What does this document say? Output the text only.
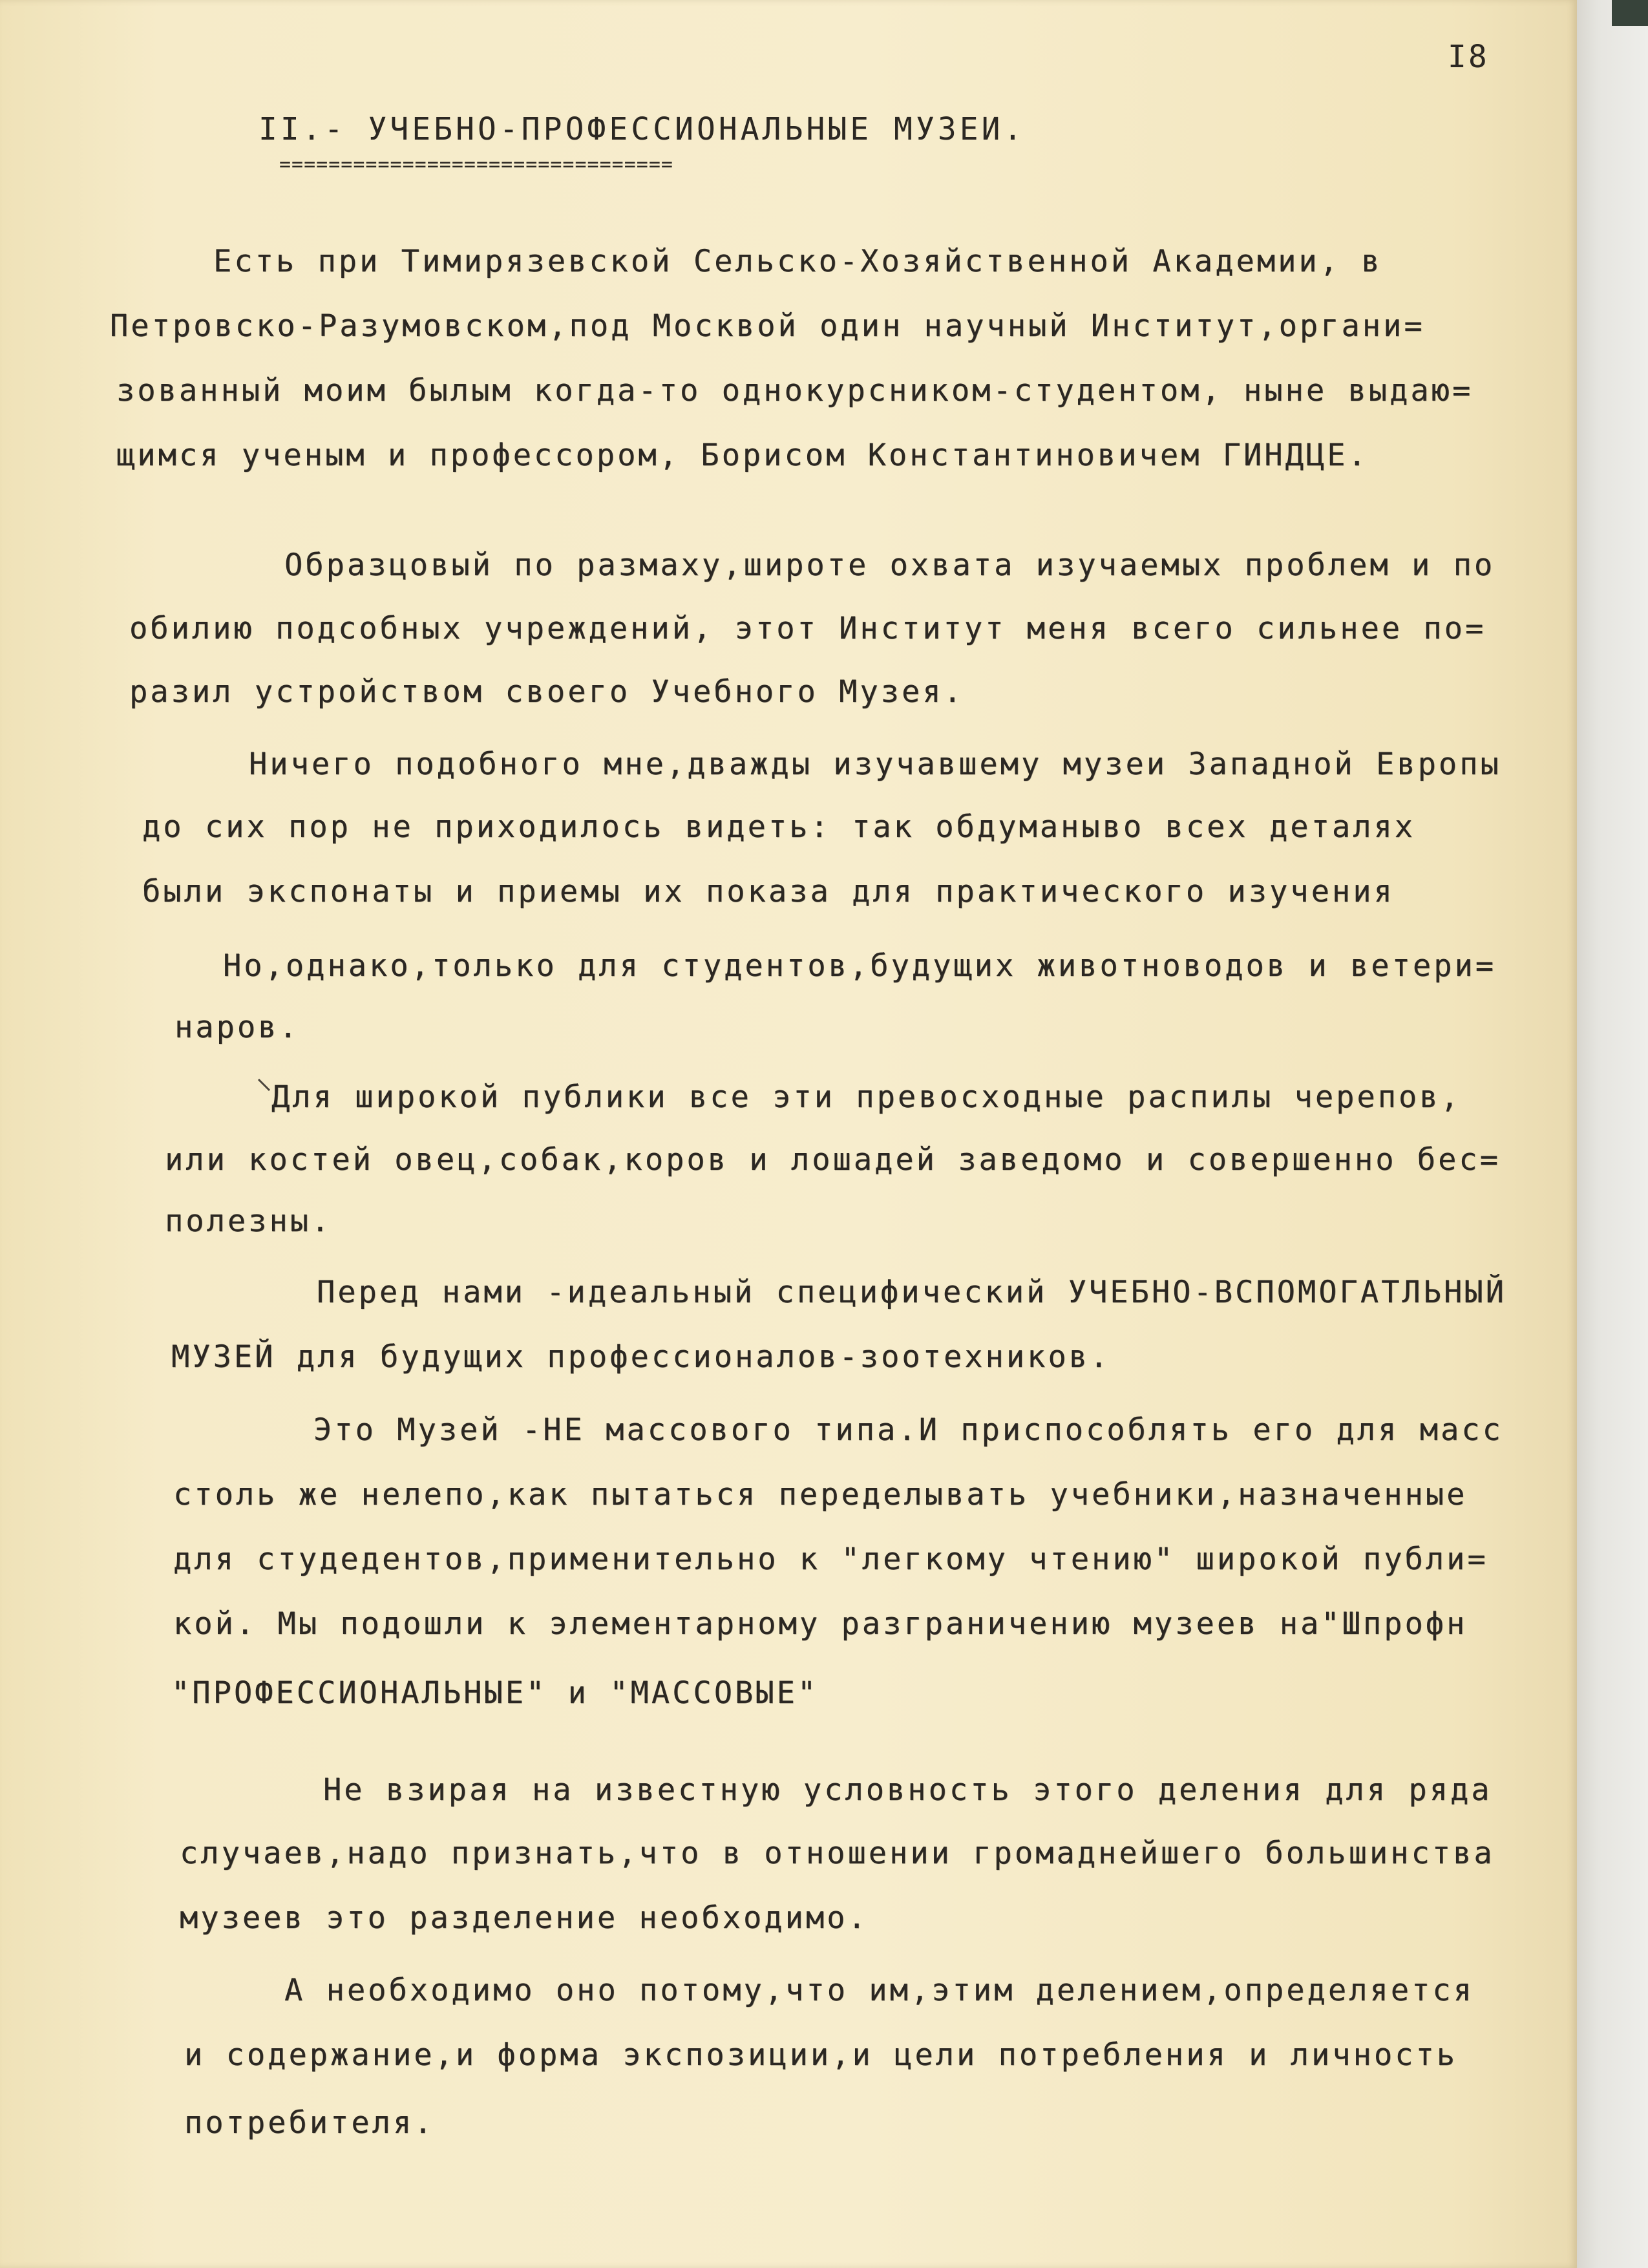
I8
II.- УЧЕБНО-ПРОФЕССИОНАЛЬНЫЕ МУЗЕИ.
================================
Есть при Тимирязевской Сельско-Хозяйственной Академии, в
Петровско-Разумовском,под Москвой один научный Институт,органи=
зованный моим былым когда-то однокурсником-студентом, ныне выдаю=
щимся ученым и профессором, Борисом Константиновичем ГИНДЦЕ.
Образцовый по размаху,широте охвата изучаемых проблем и по
обилию подсобных учреждений, этот Институт меня всего сильнее по=
разил устройством своего Учебного Музея.
Ничего подобного мне,дважды изучавшему музеи Западной Европы
до сих пор не приходилось видеть: так обдуманыво всех деталях
были экспонаты и приемы их показа для практического изучения
Но,однако,только для студентов,будущих животноводов и ветери=
наров.
Для широкой публики все эти превосходные распилы черепов,
или костей овец,собак,коров и лошадей заведомо и совершенно бес=
полезны.
Перед нами -идеальный специфический УЧЕБНО-ВСПОМОГАТЛЬНЫЙ
МУЗЕЙ для будущих профессионалов-зоотехников.
Это Музей -НЕ массового типа.И приспособлять его для масс
столь же нелепо,как пытаться переделывать учебники,назначенные
для студедентов,применительно к "легкому чтению" широкой публи=
кой. Мы подошли к элементарному разграничению музеев на"Шпрофн
"ПРОФЕССИОНАЛЬНЫЕ" и "МАССОВЫЕ"
Не взирая на известную условность этого деления для ряда
случаев,надо признать,что в отношении громаднейшего большинства
музеев это разделение необходимо.
А необходимо оно потому,что им,этим делением,определяется
и содержание,и форма экспозиции,и цели потребления и личность
потребителя.
